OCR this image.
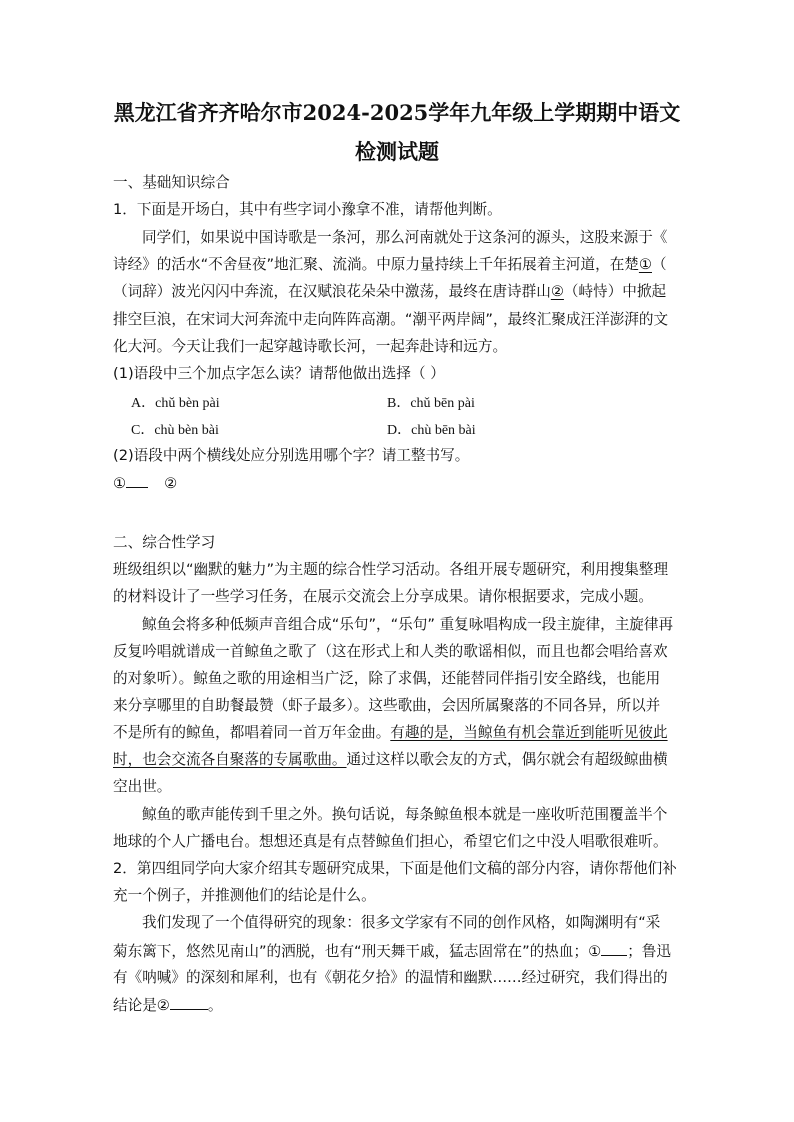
黑龙江省齐齐哈尔市2024-2025学年九年级上学期期中语文
检测试题
一、基础知识综合
1．下面是开场白，其中有些字词小豫拿不准，请帮他判断。
同学们，如果说中国诗歌是一条河，那么河南就处于这条河的源头，这股来源于《
诗经》的活水“不舍昼夜”地汇聚、流淌。中原力量持续上千年拓展着主河道，在楚①（
（词辞）波光闪闪中奔流，在汉赋浪花朵朵中激荡，最终在唐诗群山②（峙恃）中掀起
排空巨浪，在宋词大河奔流中走向阵阵高潮。“潮平两岸阔”，最终汇聚成汪洋澎湃的文
化大河。今天让我们一起穿越诗歌长河，一起奔赴诗和远方。
(1)语段中三个加点字怎么读？请帮他做出选择（ ）
A．chǔ bèn pài	B．chǔ bēn pài
C．chù bèn bài	D．chù bēn bài
(2)语段中两个横线处应分别选用哪个字？请工整书写。
①	②
二、综合性学习
班级组织以“幽默的魅力”为主题的综合性学习活动。各组开展专题研究，利用搜集整理
的材料设计了一些学习任务，在展示交流会上分享成果。请你根据要求，完成小题。
鲸鱼会将多种低频声音组合成“乐句”，“乐句” 重复咏唱构成一段主旋律，主旋律再
反复吟唱就谱成一首鲸鱼之歌了（这在形式上和人类的歌谣相似，而且也都会唱给喜欢
的对象听）。鲸鱼之歌的用途相当广泛，除了求偶，还能替同伴指引安全路线，也能用
来分享哪里的自助餐最赞（虾子最多）。这些歌曲，会因所属聚落的不同各异，所以并
不是所有的鲸鱼，都唱着同一首万年金曲。有趣的是，当鲸鱼有机会靠近到能听见彼此
时，也会交流各自聚落的专属歌曲。通过这样以歌会友的方式，偶尔就会有超级鲸曲横
空出世。
鲸鱼的歌声能传到千里之外。换句话说，每条鲸鱼根本就是一座收听范围覆盖半个
地球的个人广播电台。想想还真是有点替鲸鱼们担心，希望它们之中没人唱歌很难听。
2．第四组同学向大家介绍其专题研究成果，下面是他们文稿的部分内容，请你帮他们补
充一个例子，并推测他们的结论是什么。
我们发现了一个值得研究的现象：很多文学家有不同的创作风格，如陶渊明有“采
菊东篱下，悠然见南山”的洒脱，也有“刑天舞干戚，猛志固常在”的热血；① ；鲁迅
有《呐喊》的深刻和犀利，也有《朝花夕拾》的温情和幽默……经过研究，我们得出的
结论是②	。
